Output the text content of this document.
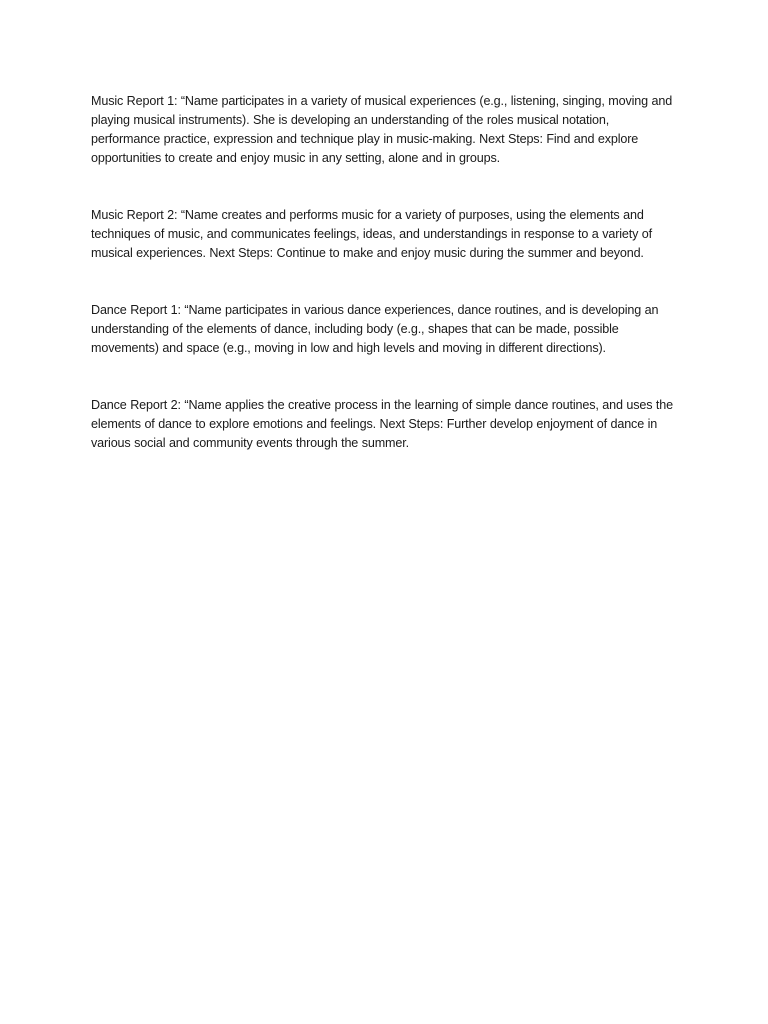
Music Report 1: “Name participates in a variety of musical experiences (e.g., listening, singing, moving and playing musical instruments). She is developing an understanding of the roles musical notation, performance practice, expression and technique play in music-making. Next Steps: Find and explore opportunities to create and enjoy music in any setting, alone and in groups.

Music Report 2: “Name creates and performs music for a variety of purposes, using the elements and techniques of music, and communicates feelings, ideas, and understandings in response to a variety of musical experiences. Next Steps: Continue to make and enjoy music during the summer and beyond.

Dance Report 1: “Name participates in various dance experiences, dance routines, and is developing an understanding of the elements of dance, including body (e.g., shapes that can be made, possible movements) and space (e.g., moving in low and high levels and moving in different directions).

Dance Report 2: “Name applies the creative process in the learning of simple dance routines, and uses the elements of dance to explore emotions and feelings. Next Steps: Further develop enjoyment of dance in various social and community events through the summer.
